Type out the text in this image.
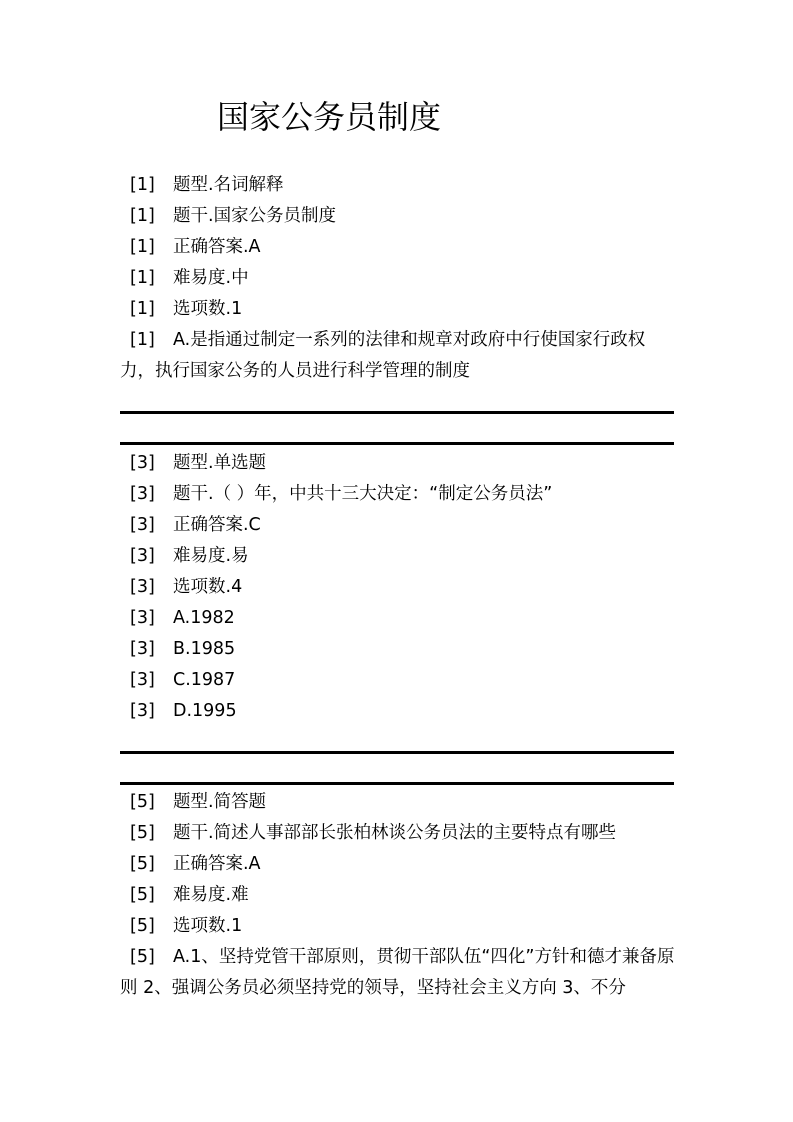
国家公务员制度
[1] 题型.名词解释
[1] 题干.国家公务员制度
[1] 正确答案.A
[1] 难易度.中
[1] 选项数.1
[1] A.是指通过制定一系列的法律和规章对政府中行使国家行政权力，执行国家公务的人员进行科学管理的制度
[3] 题型.单选题
[3] 题干.（ ）年，中共十三大决定：“制定公务员法”
[3] 正确答案.C
[3] 难易度.易
[3] 选项数.4
[3] A.1982
[3] B.1985
[3] C.1987
[3] D.1995
[5] 题型.简答题
[5] 题干.简述人事部部长张柏林谈公务员法的主要特点有哪些
[5] 正确答案.A
[5] 难易度.难
[5] 选项数.1
[5] A.1、坚持党管干部原则，贯彻干部队伍“四化”方针和德才兼备原则 2、强调公务员必须坚持党的领导，坚持社会主义方向 3、不分
